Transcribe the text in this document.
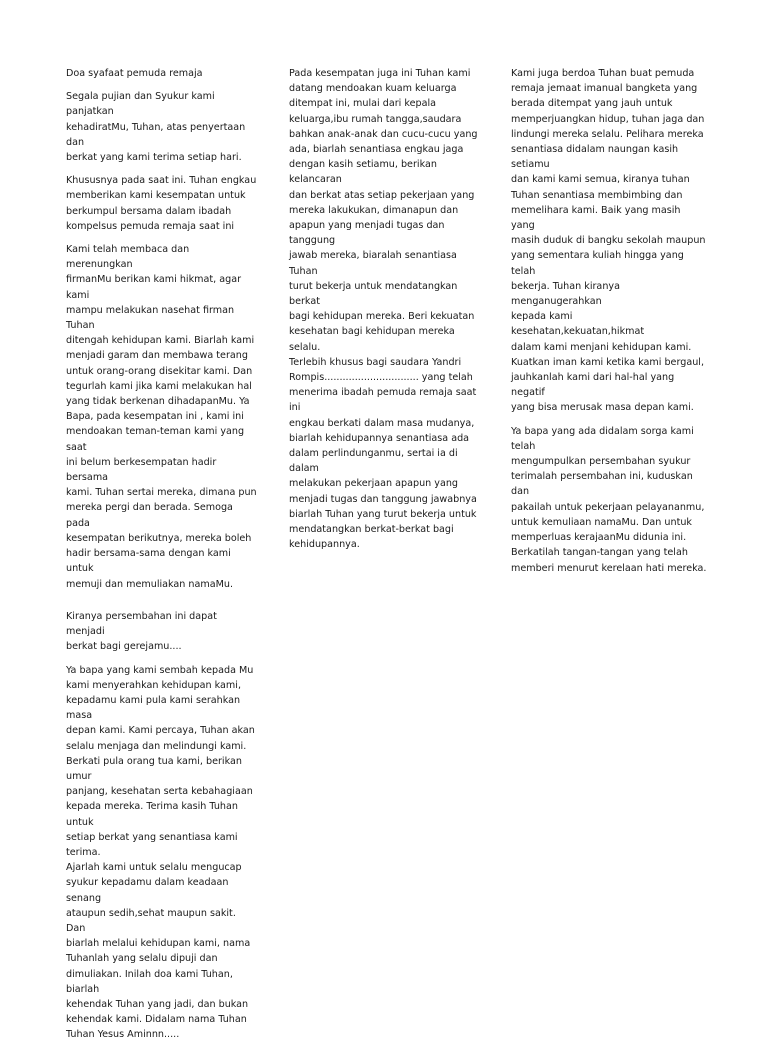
Doa syafaat pemuda remaja

Segala pujian dan Syukur kami panjatkan
kehadiratMu, Tuhan, atas penyertaan dan
berkat yang kami terima setiap hari.

Khususnya pada saat ini. Tuhan engkau
memberikan kami kesempatan untuk
berkumpul bersama dalam ibadah
kompelsus pemuda remaja saat ini

Kami telah membaca dan merenungkan
firmanMu berikan kami hikmat, agar kami
mampu melakukan nasehat firman Tuhan
ditengah kehidupan kami. Biarlah kami
menjadi garam dan membawa terang
untuk orang-orang disekitar kami. Dan
tegurlah kami jika kami melakukan hal
yang tidak berkenan dihadapanMu. Ya
Bapa, pada kesempatan ini , kami ini
mendoakan teman-teman kami yang saat
ini belum berkesempatan hadir bersama
kami. Tuhan sertai mereka, dimana pun
mereka pergi dan berada. Semoga pada
kesempatan berikutnya, mereka boleh
hadir bersama-sama dengan kami untuk
memuji dan memuliakan namaMu.

Pada kesempatan juga ini Tuhan kami
datang mendoakan kuam keluarga
ditempat ini, mulai dari kepala
keluarga,ibu rumah tangga,saudara
bahkan anak-anak dan cucu-cucu yang
ada, biarlah senantiasa engkau jaga
dengan kasih setiamu, berikan kelancaran
dan berkat atas setiap pekerjaan yang
mereka lakukukan, dimanapun dan
apapun yang menjadi tugas dan tanggung
jawab mereka, biaralah senantiasa Tuhan
turut bekerja untuk mendatangkan berkat
bagi kehidupan mereka. Beri kekuatan
kesehatan bagi kehidupan mereka selalu.
Terlebih khusus bagi saudara Yandri
Rompis............................... yang telah
menerima ibadah pemuda remaja saat ini
engkau berkati dalam masa mudanya,
biarlah kehidupannya senantiasa ada
dalam perlindunganmu, sertai ia di dalam
melakukan pekerjaan apapun yang
menjadi tugas dan tanggung jawabnya
biarlah Tuhan yang turut bekerja untuk
mendatangkan berkat-berkat bagi
kehidupannya.

Kami juga berdoa Tuhan buat pemuda
remaja jemaat imanual bangketa yang
berada ditempat yang jauh untuk
memperjuangkan hidup, tuhan jaga dan
lindungi mereka selalu. Pelihara mereka
senantiasa didalam naungan kasih setiamu
dan kami kami semua, kiranya tuhan
Tuhan senantiasa membimbing dan
memelihara kami. Baik yang masih yang
masih duduk di bangku sekolah maupun
yang sementara kuliah hingga yang telah
bekerja. Tuhan kiranya menganugerahkan
kepada kami kesehatan,kekuatan,hikmat
dalam kami menjani kehidupan kami.
Kuatkan iman kami ketika kami bergaul,
jauhkanlah kami dari hal-hal yang negatif
yang bisa merusak masa depan kami.

Ya bapa yang ada didalam sorga kami telah
mengumpulkan persembahan syukur
terimalah persembahan ini, kuduskan dan
pakailah untuk pekerjaan pelayananmu,
untuk kemuliaan namaMu. Dan untuk
memperluas kerajaanMu didunia ini.
Berkatilah tangan-tangan yang telah
memberi menurut kerelaan hati mereka.

Kiranya persembahan ini dapat menjadi
berkat bagi gerejamu....

Ya bapa yang kami sembah kepada Mu
kami menyerahkan kehidupan kami,
kepadamu kami pula kami serahkan masa
depan kami. Kami percaya, Tuhan akan
selalu menjaga dan melindungi kami.
Berkati pula orang tua kami, berikan umur
panjang, kesehatan serta kebahagiaan
kepada mereka. Terima kasih Tuhan untuk
setiap berkat yang senantiasa kami terima.
Ajarlah kami untuk selalu mengucap
syukur kepadamu dalam keadaan senang
ataupun sedih,sehat maupun sakit. Dan
biarlah melalui kehidupan kami, nama
Tuhanlah yang selalu dipuji dan
dimuliakan. Inilah doa kami Tuhan, biarlah
kehendak Tuhan yang jadi, dan bukan
kehendak kami. Didalam nama Tuhan
Tuhan Yesus Aminnn.....
